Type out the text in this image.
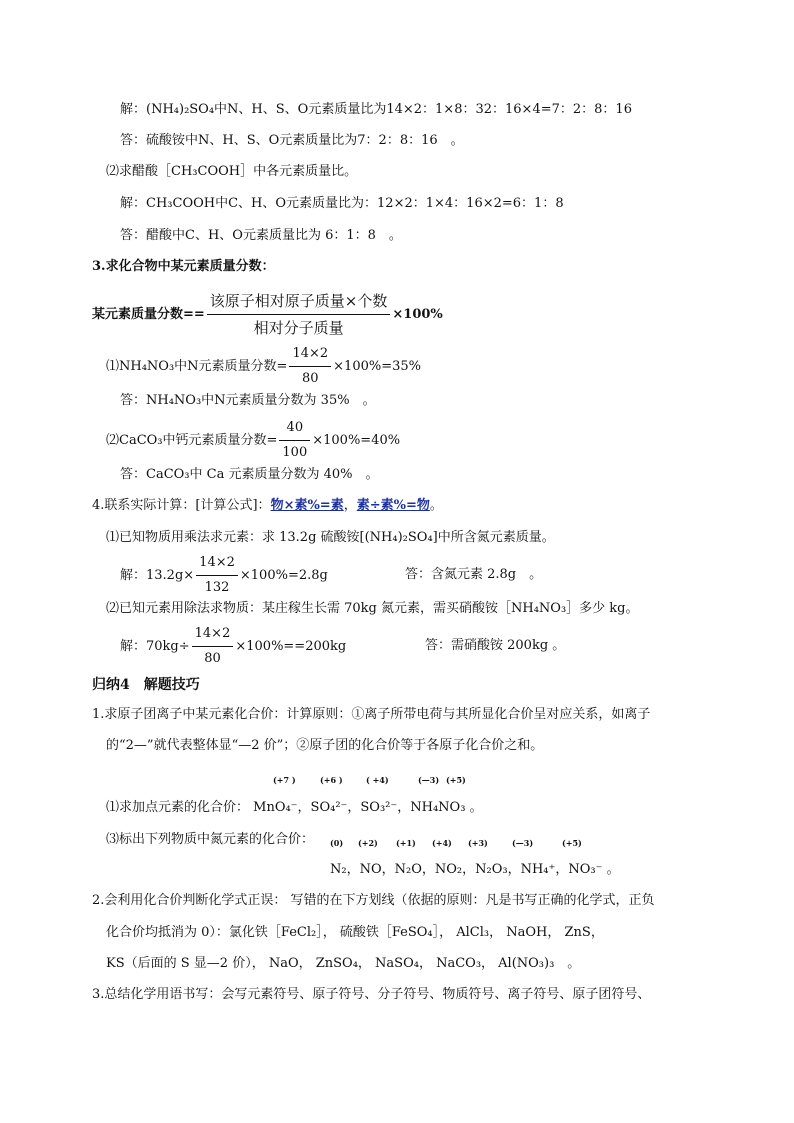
解：(NH₄)₂SO₄中N、H、S、O元素质量比为14×2：1×8：32：16×4=7：2：8：16
答：硫酸铵中N、H、S、O元素质量比为7：2：8：16　。
⑵求醋酸［CH₃COOH］中各元素质量比。
解：CH₃COOH中C、H、O元素质量比为：12×2：1×4：16×2=6：1：8
答：醋酸中C、H、O元素质量比为 6：1：8　。
3.求化合物中某元素质量分数：
某元素质量分数== $\frac{\text{该原子相对原子质量×个数}}{\text{相对分子质量}} \times 100\%$
⑴NH₄NO₃中N元素质量分数= $\frac{14\times 2}{80} \times 100\%=35\%$
答：NH₄NO₃中N元素质量分数为 35%　。
⑵CaCO₃中钙元素质量分数= $\frac{40}{100} \times 100\%=40\%$
答：CaCO₃中 Ca 元素质量分数为 40%　。
4.联系实际计算：[计算公式]：物×素%=素，素÷素%=物。
⑴已知物质用乘法求元素：求 13.2g 硫酸铵[(NH₄)₂SO₄]中所含氮元素质量。
解：$13.2g\times \frac{14\times 2}{132} \times 100\%=2.8g$	答：含氮元素 2.8g　。
⑵已知元素用除法求物质：某庄稼生长需 70kg 氮元素，需买硝酸铵［NH₄NO₃］多少 kg。
解：$70kg\div \frac{14\times 2}{80} \times 100\%==200kg$	答：需硝酸铵 200kg 。
归纳4　解题技巧
1.求原子团离子中某元素化合价：计算原则：①离子所带电荷与其所显化合价呈对应关系，如离子
的“2—”就代表整体显“—2 价”；②原子团的化合价等于各原子化合价之和。
(+7 )	(+6 )	( +4)	(—3) (+5)
⑴求加点元素的化合价： MnO₄⁻，SO₄²⁻，SO₃²⁻，NH₄NO₃ 。
⑶标出下列物质中氮元素的化合价： (0) (+2) (+1) (+4) (+3)	(—3)	(+5)
N₂，NO，N₂O，NO₂，N₂O₃，NH₄⁺，NO₃⁻ 。
2.会利用化合价判断化学式正误： 写错的在下方划线（依据的原则：凡是书写正确的化学式，正负
化合价均抵消为 0）：氯化铁［FeCl₂］， 硫酸铁［FeSO₄］， AlCl₃， NaOH， ZnS，
KS（后面的 S 显—2 价）， NaO， ZnSO₄， NaSO₄， NaCO₃， Al(NO₃)₃　。
3.总结化学用语书写：会写元素符号、原子符号、分子符号、物质符号、离子符号、原子团符号、
